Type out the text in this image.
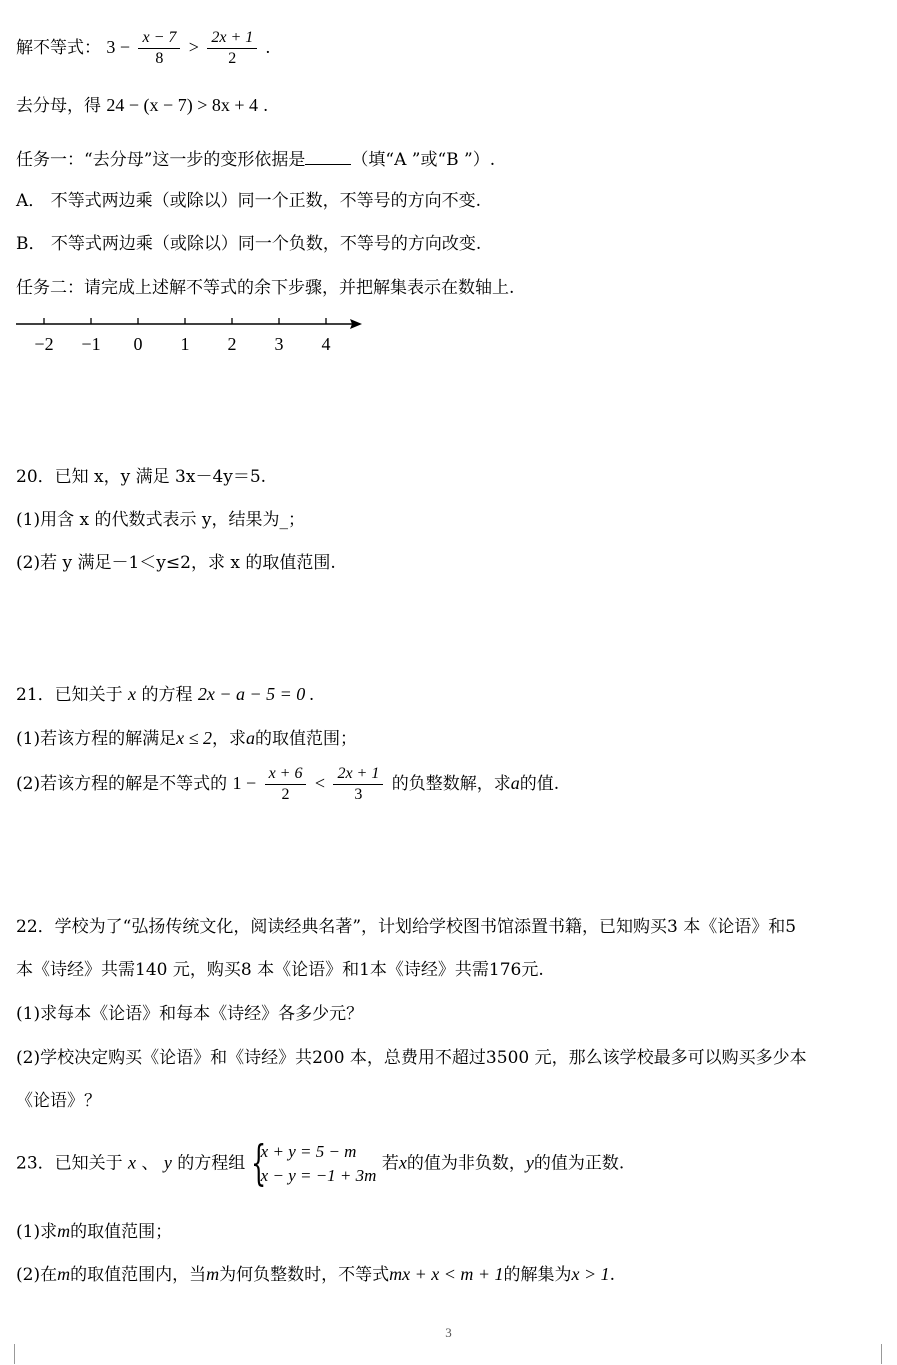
解不等式： $3 - \frac{x - 7}{8} > \frac{2x + 1}{2}$ .
去分母，得 24 − (x − 7) > 8x + 4 .
任务一：“去分母”这一步的变形依据是	（填“A ”或“B ”）.
A． 不等式两边乘（或除以）同一个正数，不等号的方向不变.
B． 不等式两边乘（或除以）同一个负数，不等号的方向改变.
任务二：请完成上述解不等式的余下步骤，并把解集表示在数轴上.
−2 −1 0 1 2 3 4
20．已知 x，y 满足 3x－4y＝5.
(1)用含 x 的代数式表示 y，结果为_；
(2)若 y 满足－1＜y≤2，求 x 的取值范围.
21．已知关于 x 的方程 2x − a − 5 = 0 .
(1)若该方程的解满足x ≤ 2，求a的取值范围；
(2)若该方程的解是不等式的 $1 - \frac{x + 6}{2} < \frac{2x + 1}{3}$ 的负整数解，求a的值.
22．学校为了“弘扬传统文化，阅读经典名著”，计划给学校图书馆添置书籍，已知购买3 本《论语》和5
本《诗经》共需140 元，购买8 本《论语》和1本《诗经》共需176元.
(1)求每本《论语》和每本《诗经》各多少元？
(2)学校决定购买《论语》和《诗经》共200 本，总费用不超过3500 元，那么该学校最多可以购买多少本
《论语》？
23．已知关于 x 、 y 的方程组 {
x + y = 5 − m
x − y = −1 + 3m
若x的值为非负数，y的值为正数.
(1)求m的取值范围；
(2)在m的取值范围内，当m为何负整数时，不等式mx + x < m + 1的解集为x > 1.
3
